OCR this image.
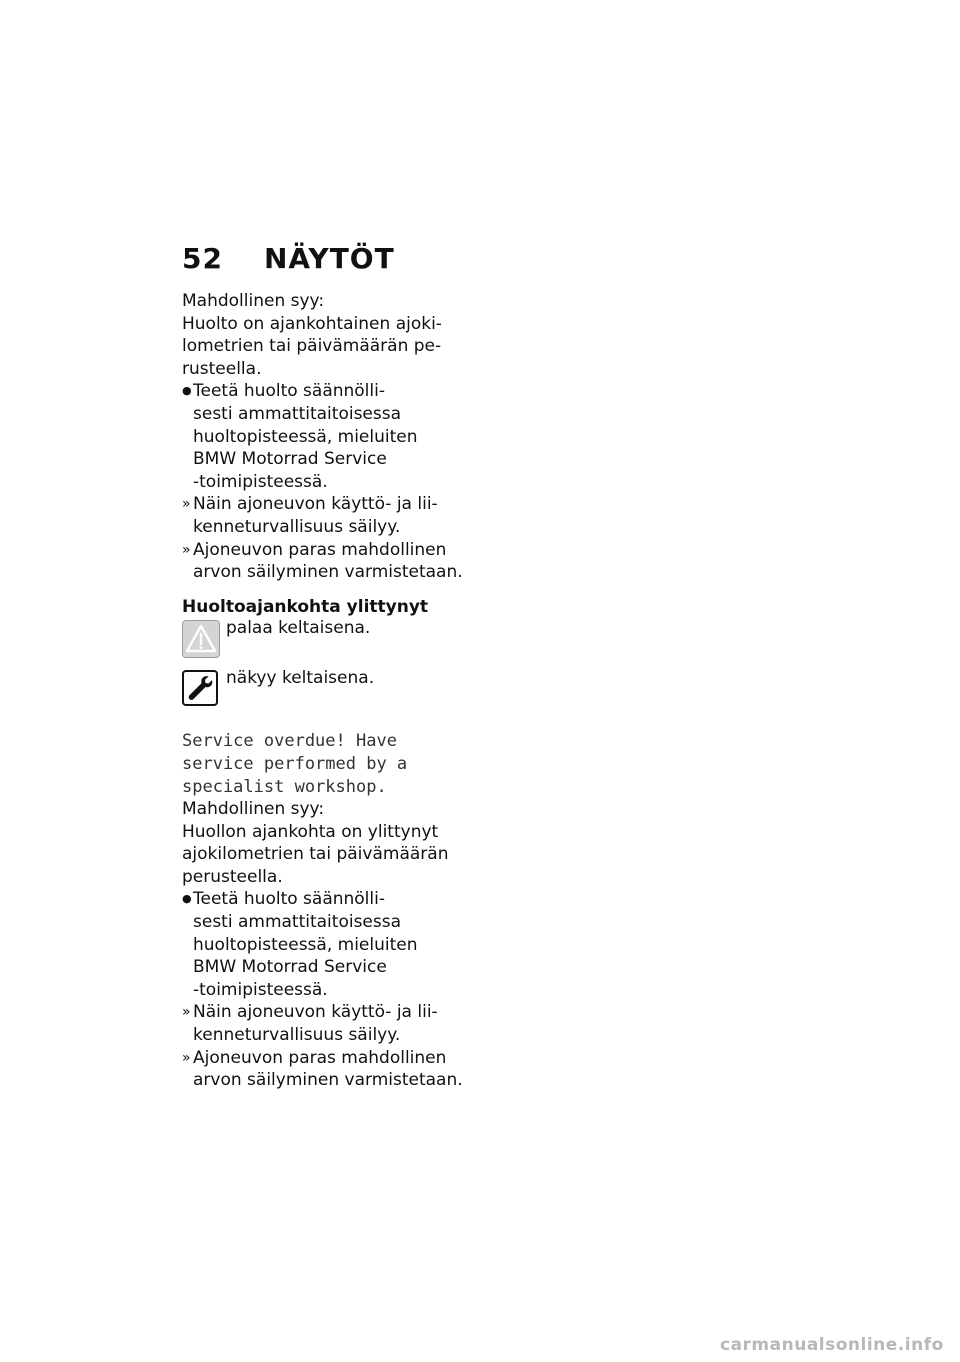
52 NÄYTÖT
Mahdollinen syy:
Huolto on ajankohtainen ajoki-
lometrien tai päivämäärän pe-
rusteella.
● Teetä huolto säännölli-
sesti ammattitaitoisessa
huoltopisteessä, mieluiten
BMW Motorrad Service
-toimipisteessä.
» Näin ajoneuvon käyttö- ja lii-
kenneturvallisuus säilyy.
» Ajoneuvon paras mahdollinen
arvon säilyminen varmistetaan.
Huoltoajankohta ylittynyt
palaa keltaisena.
näkyy keltaisena.
Service overdue! Have
service performed by a
specialist workshop.
Mahdollinen syy:
Huollon ajankohta on ylittynyt
ajokilometrien tai päivämäärän
perusteella.
● Teetä huolto säännölli-
sesti ammattitaitoisessa
huoltopisteessä, mieluiten
BMW Motorrad Service
-toimipisteessä.
» Näin ajoneuvon käyttö- ja lii-
kenneturvallisuus säilyy.
» Ajoneuvon paras mahdollinen
arvon säilyminen varmistetaan.
carmanualsonline.info
